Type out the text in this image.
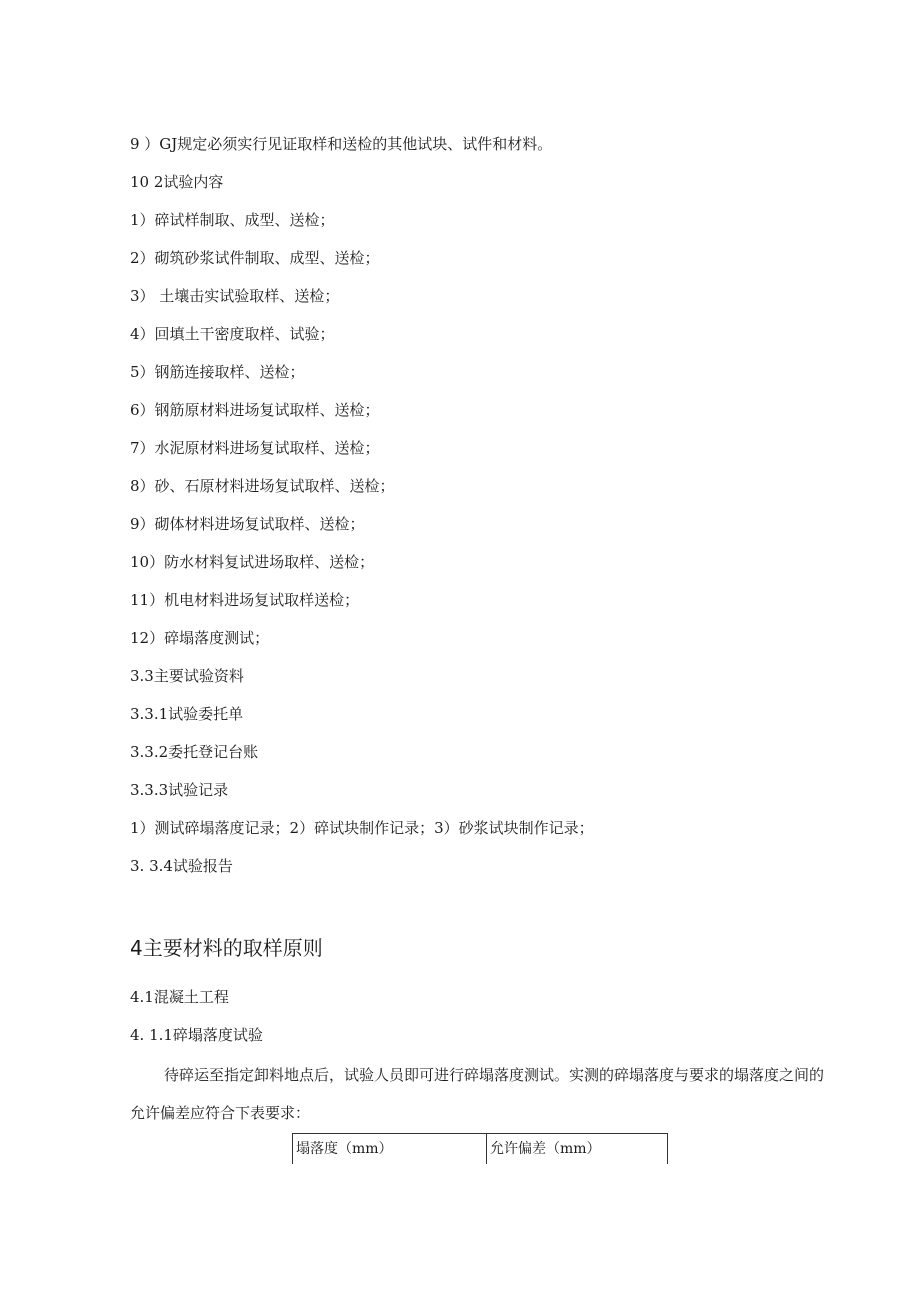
9 ）GJ规定必须实行见证取样和送检的其他试块、试件和材料。
10 2试验内容
1）碎试样制取、成型、送检；
2）砌筑砂浆试件制取、成型、送检；
3） 土壤击实试验取样、送检；
4）回填土干密度取样、试验；
5）钢筋连接取样、送检；
6）钢筋原材料进场复试取样、送检；
7）水泥原材料进场复试取样、送检；
8）砂、石原材料进场复试取样、送检；
9）砌体材料进场复试取样、送检；
10）防水材料复试进场取样、送检；
11）机电材料进场复试取样送检；
12）碎塌落度测试；
3.3主要试验资料
3.3.1试验委托单
3.3.2委托登记台账
3.3.3试验记录
1）测试碎塌落度记录；2）碎试块制作记录；3）砂浆试块制作记录；
3. 3.4试验报告
4主要材料的取样原则
4.1混凝土工程
4. 1.1碎塌落度试验
待碎运至指定卸料地点后，试验人员即可进行碎塌落度测试。实测的碎塌落度与要求的塌落度之间的允许偏差应符合下表要求：
塌落度（mm）	允许偏差（mm）
